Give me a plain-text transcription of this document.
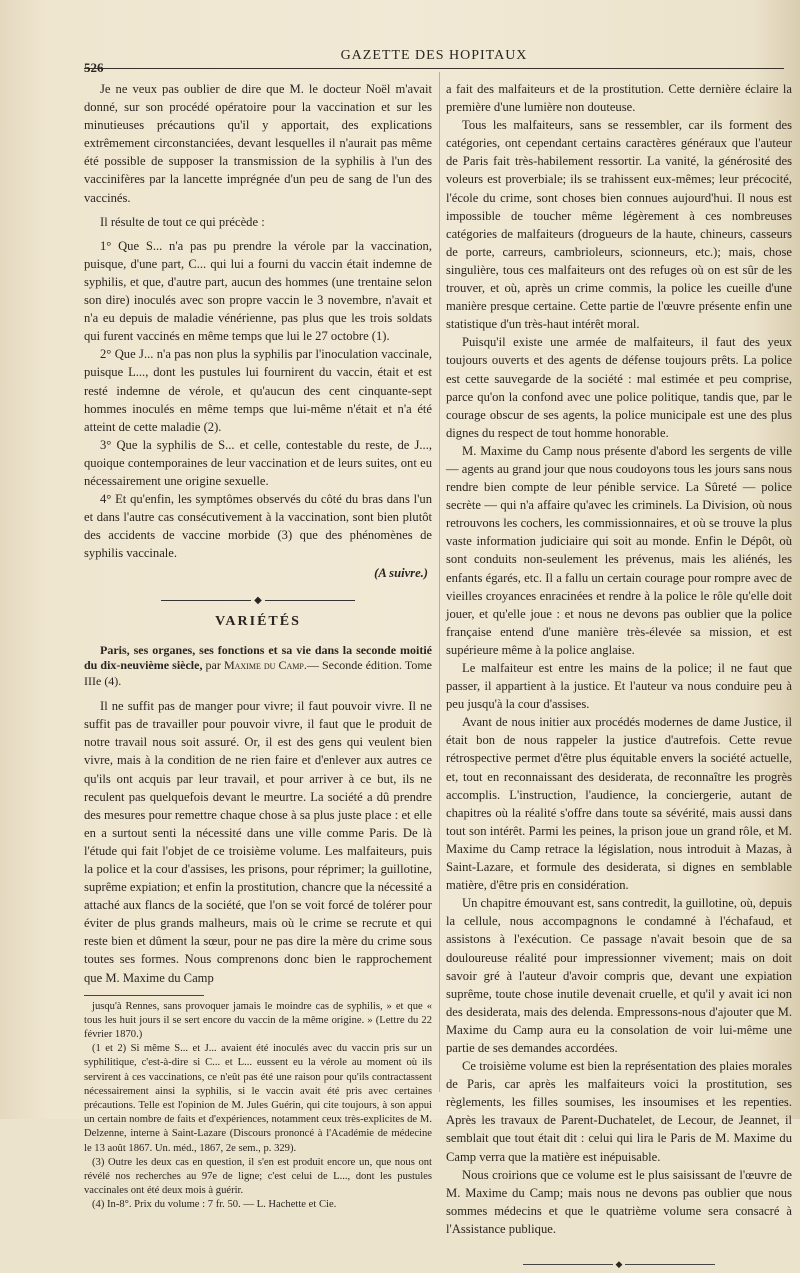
526
GAZETTE DES HOPITAUX

Je ne veux pas oublier de dire que M. le docteur Noël m'avait donné, sur son procédé opératoire pour la vaccination et sur les minutieuses précautions qu'il y apportait, des explications extrêmement circonstanciées, devant lesquelles il n'aurait pas même été possible de supposer la transmission de la syphilis à l'un des vaccinifères par la lancette imprégnée d'un peu de sang de l'un des vaccinés.

Il résulte de tout ce qui précède :

1° Que S... n'a pas pu prendre la vérole par la vaccination, puisque, d'une part, C... qui lui a fourni du vaccin était indemne de syphilis, et que, d'autre part, aucun des hommes (une trentaine selon son dire) inoculés avec son propre vaccin le 3 novembre, n'avait et n'a eu depuis de maladie vénérienne, pas plus que les trois soldats qui furent vaccinés en même temps que lui le 27 octobre (1).

2° Que J... n'a pas non plus la syphilis par l'inoculation vaccinale, puisque L..., dont les pustules lui fournirent du vaccin, était et est resté indemne de vérole, et qu'aucun des cent cinquante-sept hommes inoculés en même temps que lui-même n'était et n'a été atteint de cette maladie (2).

3° Que la syphilis de S... et celle, contestable du reste, de J..., quoique contemporaines de leur vaccination et de leurs suites, ont eu nécessairement une origine sexuelle.

4° Et qu'enfin, les symptômes observés du côté du bras dans l'un et dans l'autre cas consécutivement à la vaccination, sont bien plutôt des accidents de vaccine morbide (3) que des phénomènes de syphilis vaccinale.

(A suivre.)
◆
VARIÉTÉS

Paris, ses organes, ses fonctions et sa vie dans la seconde moitié du dix-neuvième siècle, par Maxime du Camp.— Seconde édition. Tome IIIe (4).

Il ne suffit pas de manger pour vivre; il faut pouvoir vivre. Il ne suffit pas de travailler pour pouvoir vivre, il faut que le produit de notre travail nous soit assuré. Or, il est des gens qui veulent bien vivre, mais à la condition de ne rien faire et d'enlever aux autres ce qu'ils ont acquis par leur travail, et pour arriver à ce but, ils ne reculent pas quelquefois devant le meurtre. La société a dû prendre des mesures pour remettre chaque chose à sa plus juste place : et elle en a surtout senti la nécessité dans une ville comme Paris. De là l'étude qui fait l'objet de ce troisième volume. Les malfaiteurs, puis la police et la cour d'assises, les prisons, pour réprimer; la guillotine, suprême expiation; et enfin la prostitution, chancre que la nécessité a attaché aux flancs de la société, que l'on se voit forcé de tolérer pour éviter de plus grands malheurs, mais où le crime se recrute et qui reste bien et dûment la sœur, pour ne pas dire la mère du crime sous toutes ses formes. Nous comprenons donc bien le rapprochement que M. Maxime du Camp

jusqu'à Rennes, sans provoquer jamais le moindre cas de syphilis, » et que « tous les huit jours il se sert encore du vaccin de la même origine. » (Lettre du 22 février 1870.)

(1 et 2) Si même S... et J... avaient été inoculés avec du vaccin pris sur un syphilitique, c'est-à-dire si C... et L... eussent eu la vérole au moment où ils servirent à ces vaccinations, ce n'eût pas été une raison pour qu'ils contractassent nécessairement ainsi la syphilis, si le vaccin avait été pris avec certaines précautions. Telle est l'opinion de M. Jules Guérin, qui cite toujours, à son appui un certain nombre de faits et d'expériences, notamment ceux très-explicites de M. Delzenne, interne à Saint-Lazare (Discours prononcé à l'Académie de médecine le 13 août 1867. Un. méd., 1867, 2e sem., p. 329).

(3) Outre les deux cas en question, il s'en est produit encore un, que nous ont révélé nos recherches au 97e de ligne; c'est celui de L..., dont les pustules vaccinales ont été deux mois à guérir.

(4) In-8°. Prix du volume : 7 fr. 50. — L. Hachette et Cie.

a fait des malfaiteurs et de la prostitution. Cette dernière éclaire la première d'une lumière non douteuse.

Tous les malfaiteurs, sans se ressembler, car ils forment des catégories, ont cependant certains caractères généraux que l'auteur de Paris fait très-habilement ressortir. La vanité, la générosité des voleurs est proverbiale; ils se trahissent eux-mêmes; leur précocité, l'école du crime, sont choses bien connues aujourd'hui. Il nous est impossible de toucher même légèrement à ces nombreuses catégories de malfaiteurs (drogueurs de la haute, chineurs, casseurs de porte, carreurs, cambrioleurs, scionneurs, etc.); mais, chose singulière, tous ces malfaiteurs ont des refuges où on est sûr de les trouver, et où, après un crime commis, la police les cueille d'une manière presque certaine. Cette partie de l'œuvre présente enfin une statistique d'un très-haut intérêt moral.

Puisqu'il existe une armée de malfaiteurs, il faut des yeux toujours ouverts et des agents de défense toujours prêts. La police est cette sauvegarde de la société : mal estimée et peu comprise, parce qu'on la confond avec une police politique, tandis que, par le courage obscur de ses agents, la police municipale est une des plus dignes du respect de tout homme honorable.

M. Maxime du Camp nous présente d'abord les sergents de ville — agents au grand jour que nous coudoyons tous les jours sans nous rendre bien compte de leur pénible service. La Sûreté — police secrète — qui n'a affaire qu'avec les criminels. La Division, où nous retrouvons les cochers, les commissionnaires, et où se trouve la plus vaste information judiciaire qui soit au monde. Enfin le Dépôt, où sont conduits non-seulement les prévenus, mais les aliénés, les enfants égarés, etc. Il a fallu un certain courage pour rompre avec de vieilles croyances enracinées et rendre à la police le rôle qu'elle doit jouer, et qu'elle joue : et nous ne devons pas oublier que la police française entend d'une manière très-élevée sa mission, et est supérieure même à la police anglaise.

Le malfaiteur est entre les mains de la police; il ne faut que passer, il appartient à la justice. Et l'auteur va nous conduire peu à peu jusqu'à la cour d'assises.

Avant de nous initier aux procédés modernes de dame Justice, il était bon de nous rappeler la justice d'autrefois. Cette revue rétrospective permet d'être plus équitable envers la société actuelle, et, tout en reconnaissant des desiderata, de reconnaître les progrès accomplis. L'instruction, l'audience, la conciergerie, autant de chapitres où la réalité s'offre dans toute sa sévérité, mais aussi dans tout son intérêt. Parmi les peines, la prison joue un grand rôle, et M. Maxime du Camp retrace la législation, nous introduit à Mazas, à Saint-Lazare, et formule des desiderata, si dignes en semblable matière, d'être pris en considération.

Un chapitre émouvant est, sans contredit, la guillotine, où, depuis la cellule, nous accompagnons le condamné à l'échafaud, et assistons à l'exécution. Ce passage n'avait besoin que de sa douloureuse réalité pour impressionner vivement; mais on doit savoir gré à l'auteur d'avoir compris que, devant une expiation suprême, toute chose inutile devenait cruelle, et qu'il y avait ici non des desiderata, mais des delenda. Empressons-nous d'ajouter que M. Maxime du Camp aura eu la consolation de voir lui-même une partie de ses demandes accordées.

Ce troisième volume est bien la représentation des plaies morales de Paris, car après les malfaiteurs voici la prostitution, ses règlements, les filles soumises, les insoumises et les repenties. Après les travaux de Parent-Duchatelet, de Lecour, de Jeannet, il semblait que tout était dit : celui qui lira le Paris de M. Maxime du Camp verra que la matière est inépuisable.

Nous croirions que ce volume est le plus saisissant de l'œuvre de M. Maxime du Camp; mais nous ne devons pas oublier que nous sommes médecins et que le quatrième volume sera consacré à l'Assistance publique.

◆
